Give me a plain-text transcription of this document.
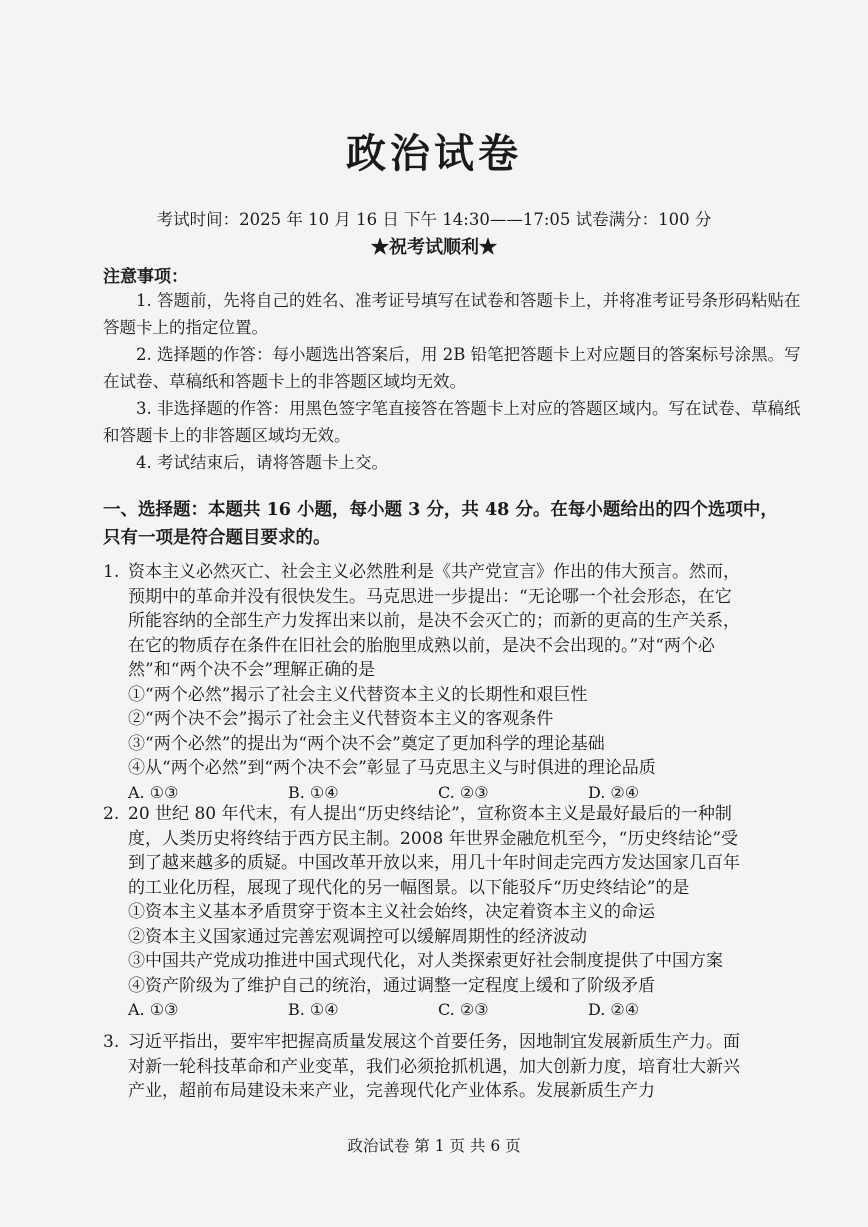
政治试卷
考试时间：2025 年 10 月 16 日 下午 14:30——17:05 试卷满分：100 分
★祝考试顺利★
注意事项：

1. 答题前，先将自己的姓名、准考证号填写在试卷和答题卡上，并将准考证号条形码粘贴在答题卡上的指定位置。

2. 选择题的作答：每小题选出答案后，用 2B 铅笔把答题卡上对应题目的答案标号涂黑。写在试卷、草稿纸和答题卡上的非答题区域均无效。

3. 非选择题的作答：用黑色签字笔直接答在答题卡上对应的答题区域内。写在试卷、草稿纸和答题卡上的非答题区域均无效。

4. 考试结束后，请将答题卡上交。

一、选择题：本题共 16 小题，每小题 3 分，共 48 分。在每小题给出的四个选项中，只有一项是符合题目要求的。

1. 资本主义必然灭亡、社会主义必然胜利是《共产党宣言》作出的伟大预言。然而，
预期中的革命并没有很快发生。马克思进一步提出：“无论哪一个社会形态，在它
所能容纳的全部生产力发挥出来以前，是决不会灭亡的；而新的更高的生产关系，
在它的物质存在条件在旧社会的胎胞里成熟以前，是决不会出现的。”对“两个必
然”和“两个决不会”理解正确的是
①“两个必然”揭示了社会主义代替资本主义的长期性和艰巨性
②“两个决不会”揭示了社会主义代替资本主义的客观条件
③“两个必然”的提出为“两个决不会”奠定了更加科学的理论基础
④从“两个必然”到“两个决不会”彰显了马克思主义与时俱进的理论品质
A. ①③	B. ①④	C. ②③	D. ②④
2. 20 世纪 80 年代末，有人提出“历史终结论”，宣称资本主义是最好最后的一种制
度，人类历史将终结于西方民主制。2008 年世界金融危机至今，“历史终结论”受
到了越来越多的质疑。中国改革开放以来，用几十年时间走完西方发达国家几百年
的工业化历程，展现了现代化的另一幅图景。以下能驳斥“历史终结论”的是
①资本主义基本矛盾贯穿于资本主义社会始终，决定着资本主义的命运
②资本主义国家通过完善宏观调控可以缓解周期性的经济波动
③中国共产党成功推进中国式现代化，对人类探索更好社会制度提供了中国方案
④资产阶级为了维护自己的统治，通过调整一定程度上缓和了阶级矛盾
A. ①③	B. ①④	C. ②③	D. ②④
3. 习近平指出，要牢牢把握高质量发展这个首要任务，因地制宜发展新质生产力。面
对新一轮科技革命和产业变革，我们必须抢抓机遇，加大创新力度，培育壮大新兴
产业，超前布局建设未来产业，完善现代化产业体系。发展新质生产力
政治试卷 第 1 页 共 6 页
